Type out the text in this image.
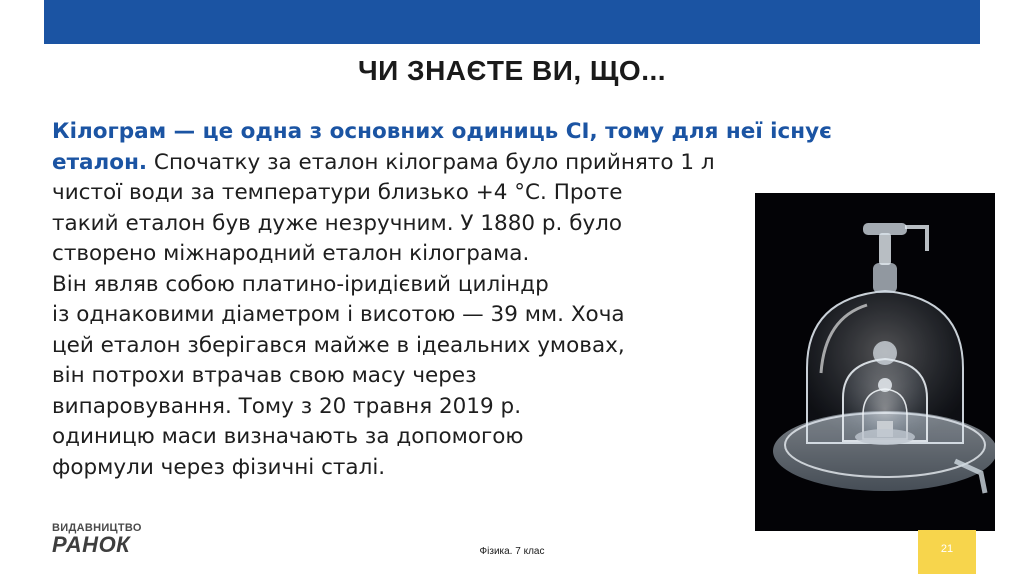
ЧИ ЗНАЄТЕ ВИ, ЩО...
Кілограм — це одна з основних одиниць СІ, тому для неї існує
еталон. Спочатку за еталон кілограма було прийнято 1 л
чистої води за температури близько +4 °С. Проте
такий еталон був дуже незручним. У 1880 р. було
створено міжнародний еталон кілограма.
Він являв собою платино-іридієвий циліндр
із однаковими діаметром і висотою — 39 мм. Хоча
цей еталон зберігався майже в ідеальних умовах,
він потрохи втрачав свою масу через
випаровування. Тому з 20 травня 2019 р.
одиницю маси визначають за допомогою
формули через фізичні сталі.
ВИДАВНИЦТВО
РАНОК	Фізика. 7 клас	21
